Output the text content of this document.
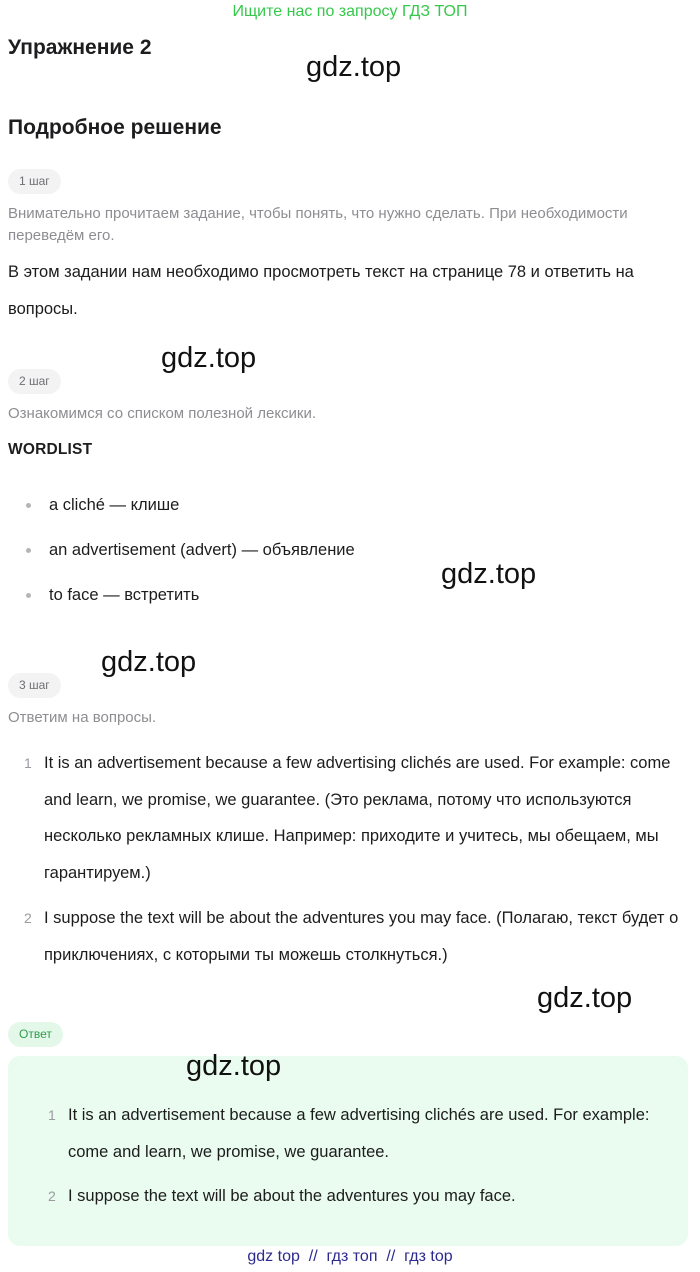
Ищите нас по запросу ГДЗ ТОП
Упражнение 2
gdz.top
Подробное решение
1 шаг
Внимательно прочитаем задание, чтобы понять, что нужно сделать. При необходимости переведём его.
В этом задании нам необходимо просмотреть текст на странице 78 и ответить на вопросы.
gdz.top
2 шаг
Ознакомимся со списком полезной лексики.
WORDLIST
a cliché — клише
an advertisement (advert) — объявление
to face — встретить
gdz.top
gdz.top
3 шаг
Ответим на вопросы.
1 It is an advertisement because a few advertising clichés are used. For example: come and learn, we promise, we guarantee. (Это реклама, потому что используются несколько рекламных клише. Например: приходите и учитесь, мы обещаем, мы гарантируем.)
2 I suppose the text will be about the adventures you may face. (Полагаю, текст будет о приключениях, с которыми ты можешь столкнуться.)
gdz.top
Ответ
gdz.top
1 It is an advertisement because a few advertising clichés are used. For example: come and learn, we promise, we guarantee.
2 I suppose the text will be about the adventures you may face.
gdz top  //  гдз топ  //  гдз top
